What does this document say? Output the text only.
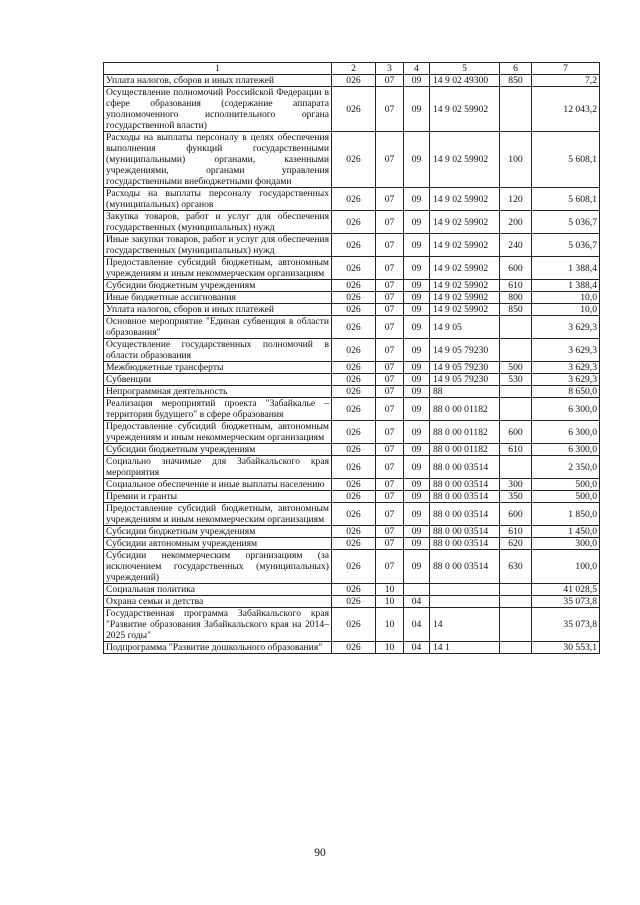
1	2	3	4	5	6	7
Уплата налогов, сборов и иных платежей	026	07	09	14 9 02 49300	850	7,2
Осуществление полномочий Российской Федерации в сфере образования (содержание аппарата уполномоченного исполнительного органа государственной власти)	026	07	09	14 9 02 59902		12 043,2
Расходы на выплаты персоналу в целях обеспечения выполнения функций государственными (муниципальными) органами, казенными учреждениями, органами управления государственными внебюджетными фондами	026	07	09	14 9 02 59902	100	5 608,1
Расходы на выплаты персоналу государственных (муниципальных) органов	026	07	09	14 9 02 59902	120	5 608,1
Закупка товаров, работ и услуг для обеспечения государственных (муниципальных) нужд	026	07	09	14 9 02 59902	200	5 036,7
Иные закупки товаров, работ и услуг для обеспечения государственных (муниципальных) нужд	026	07	09	14 9 02 59902	240	5 036,7
Предоставление субсидий бюджетным, автономным учреждениям и иным некоммерческим организациям	026	07	09	14 9 02 59902	600	1 388,4
Субсидии бюджетным учреждениям	026	07	09	14 9 02 59902	610	1 388,4
Иные бюджетные ассигнования	026	07	09	14 9 02 59902	800	10,0
Уплата налогов, сборов и иных платежей	026	07	09	14 9 02 59902	850	10,0
Основное мероприятие "Единая субвенция в области образования"	026	07	09	14 9 05		3 629,3
Осуществление государственных полномочий в области образования	026	07	09	14 9 05 79230		3 629,3
Межбюджетные трансферты	026	07	09	14 9 05 79230	500	3 629,3
Субвенции	026	07	09	14 9 05 79230	530	3 629,3
Непрограммная деятельность	026	07	09	88		8 650,0
Реализация мероприятий проекта "Забайкалье – территория будущего" в сфере образования	026	07	09	88 0 00 01182		6 300,0
Предоставление субсидий бюджетным, автономным учреждениям и иным некоммерческим организациям	026	07	09	88 0 00 01182	600	6 300,0
Субсидии бюджетным учреждениям	026	07	09	88 0 00 01182	610	6 300,0
Социально значимые для Забайкальского края мероприятия	026	07	09	88 0 00 03514		2 350,0
Социальное обеспечение и иные выплаты населению	026	07	09	88 0 00 03514	300	500,0
Премии и гранты	026	07	09	88 0 00 03514	350	500,0
Предоставление субсидий бюджетным, автономным учреждениям и иным некоммерческим организациям	026	07	09	88 0 00 03514	600	1 850,0
Субсидии бюджетным учреждениям	026	07	09	88 0 00 03514	610	1 450,0
Субсидии автономным учреждениям	026	07	09	88 0 00 03514	620	300,0
Субсидии некоммерческим организациям (за исключением государственных (муниципальных) учреждений)	026	07	09	88 0 00 03514	630	100,0
Социальная политика	026	10				41 028,5
Охрана семьи и детства	026	10	04			35 073,8
Государственная программа Забайкальского края "Развитие образования Забайкальского края на 2014–2025 годы"	026	10	04	14		35 073,8
Подпрограмма "Развитие дошкольного образования"	026	10	04	14 1		30 553,1
90
